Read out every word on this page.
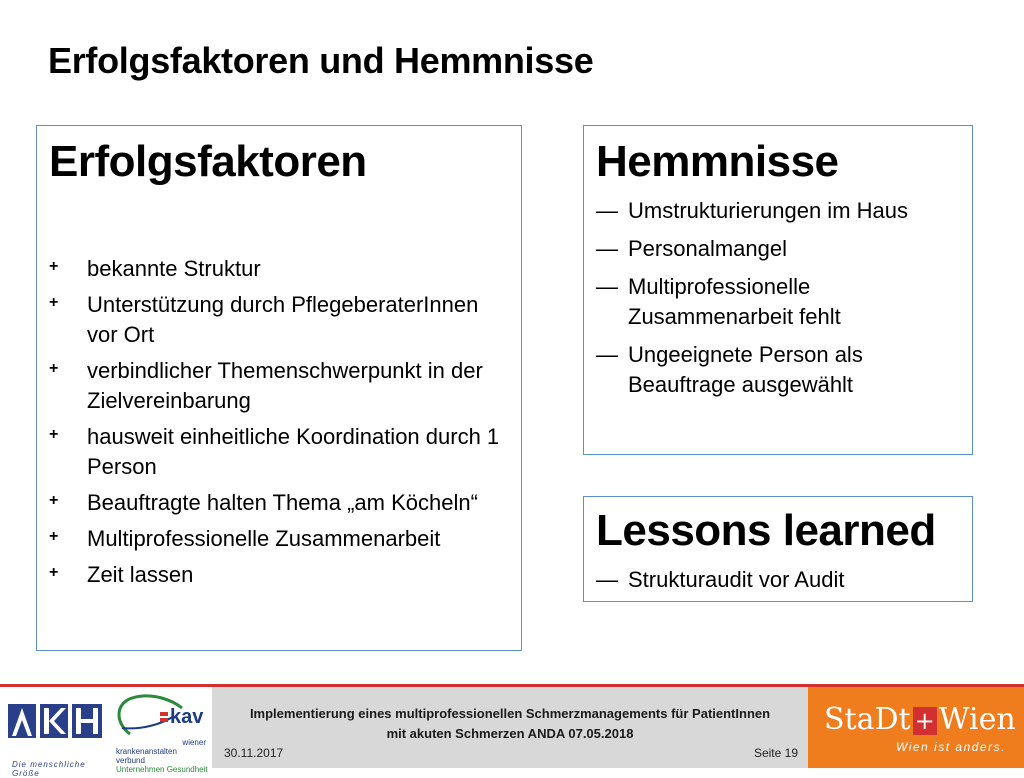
Erfolgsfaktoren und Hemmnisse
Erfolgsfaktoren
+ bekannte Struktur
+ Unterstützung durch PflegeberaterInnen vor Ort
+ verbindlicher Themenschwerpunkt in der Zielvereinbarung
+ hausweit einheitliche Koordination durch 1 Person
+ Beauftragte halten Thema „am Köcheln“
+ Multiprofessionelle Zusammenarbeit
+ Zeit lassen
Hemmnisse
— Umstrukturierungen im Haus
— Personalmangel
— Multiprofessionelle Zusammenarbeit fehlt
— Ungeeignete Person als Beauftrage ausgewählt
Lessons learned
— Strukturaudit vor Audit
Die menschliche Größe
kav
wiener
krankenanstalten verbund
Unternehmen Gesundheit
Implementierung eines multiprofessionellen Schmerzmanagements für PatientInnen
mit akuten Schmerzen ANDA 07.05.2018
30.11.2017	Seite 19
StaDt + Wien
Wien ist anders.
